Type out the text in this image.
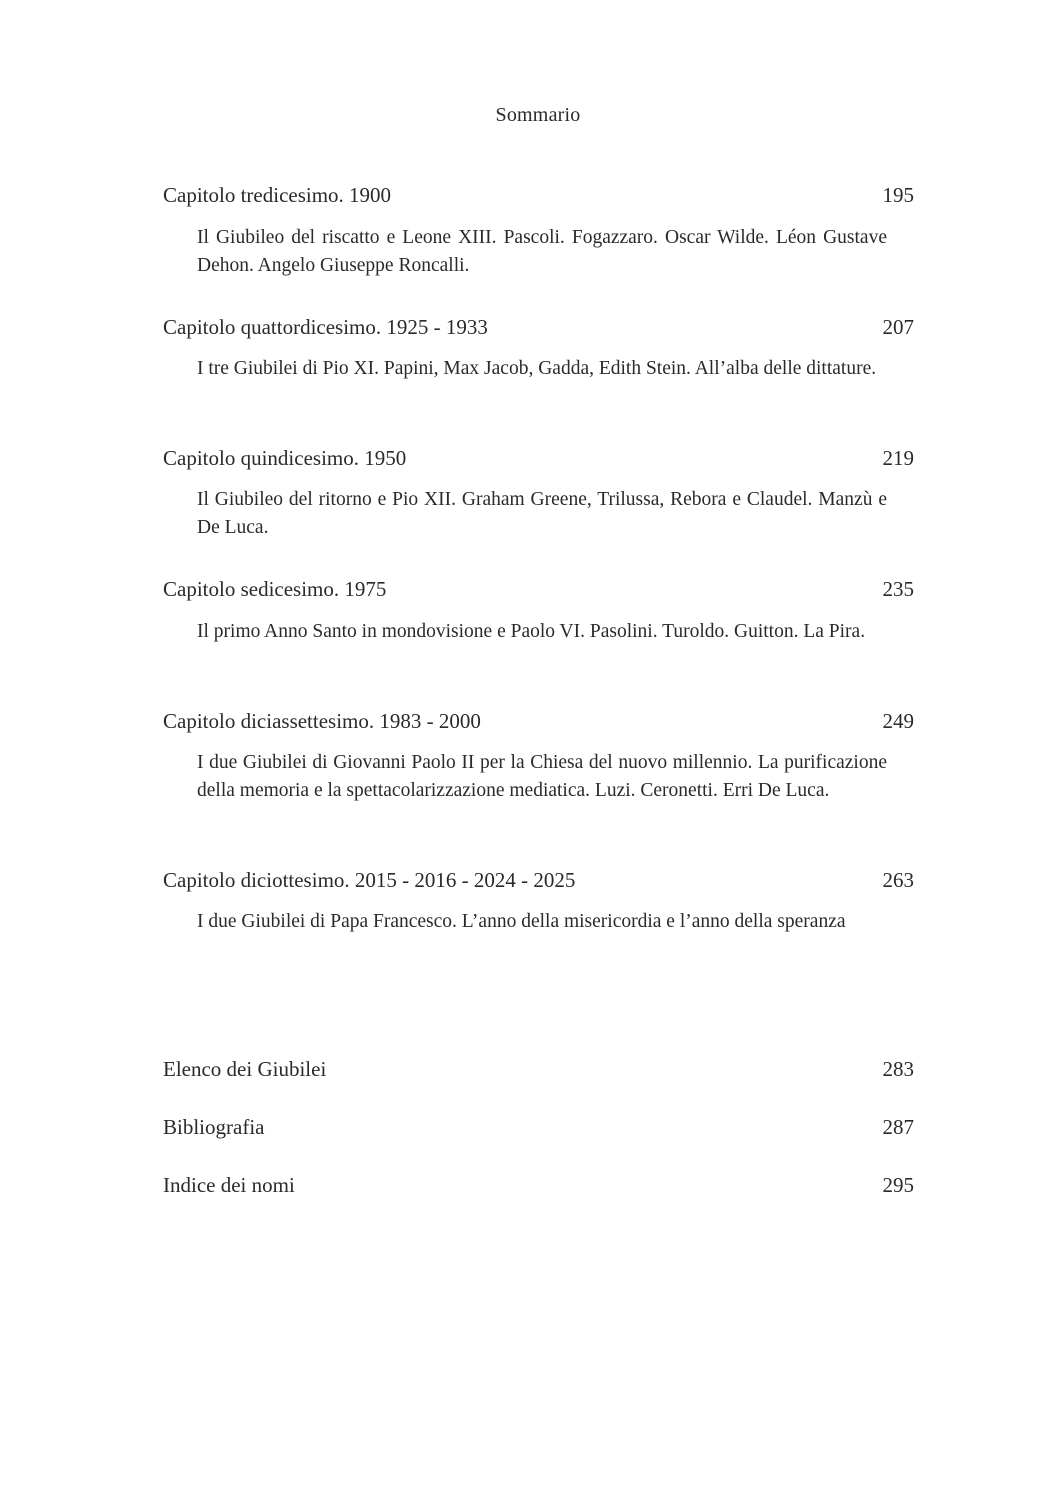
Sommario
Capitolo tredicesimo. 1900	195
Il Giubileo del riscatto e Leone XIII. Pascoli. Fogazzaro. Oscar Wilde. Léon Gustave Dehon. Angelo Giuseppe Roncalli.
Capitolo quattordicesimo. 1925 - 1933	207
I tre Giubilei di Pio XI. Papini, Max Jacob, Gadda, Edith Stein. All’alba delle dittature.
Capitolo quindicesimo. 1950	219
Il Giubileo del ritorno e Pio XII. Graham Greene, Trilussa, Rebora e Claudel. Manzù e De Luca.
Capitolo sedicesimo. 1975	235
Il primo Anno Santo in mondovisione e Paolo VI. Pasolini. Turoldo. Guitton. La Pira.
Capitolo diciassettesimo. 1983 - 2000	249
I due Giubilei di Giovanni Paolo II per la Chiesa del nuovo millennio. La purificazione della memoria e la spettacolarizzazione mediatica. Luzi. Ceronetti. Erri De Luca.
Capitolo diciottesimo. 2015 - 2016 - 2024 - 2025	263
I due Giubilei di Papa Francesco. L’anno della misericordia e l’anno della speranza
Elenco dei Giubilei	283
Bibliografia	287
Indice dei nomi	295
